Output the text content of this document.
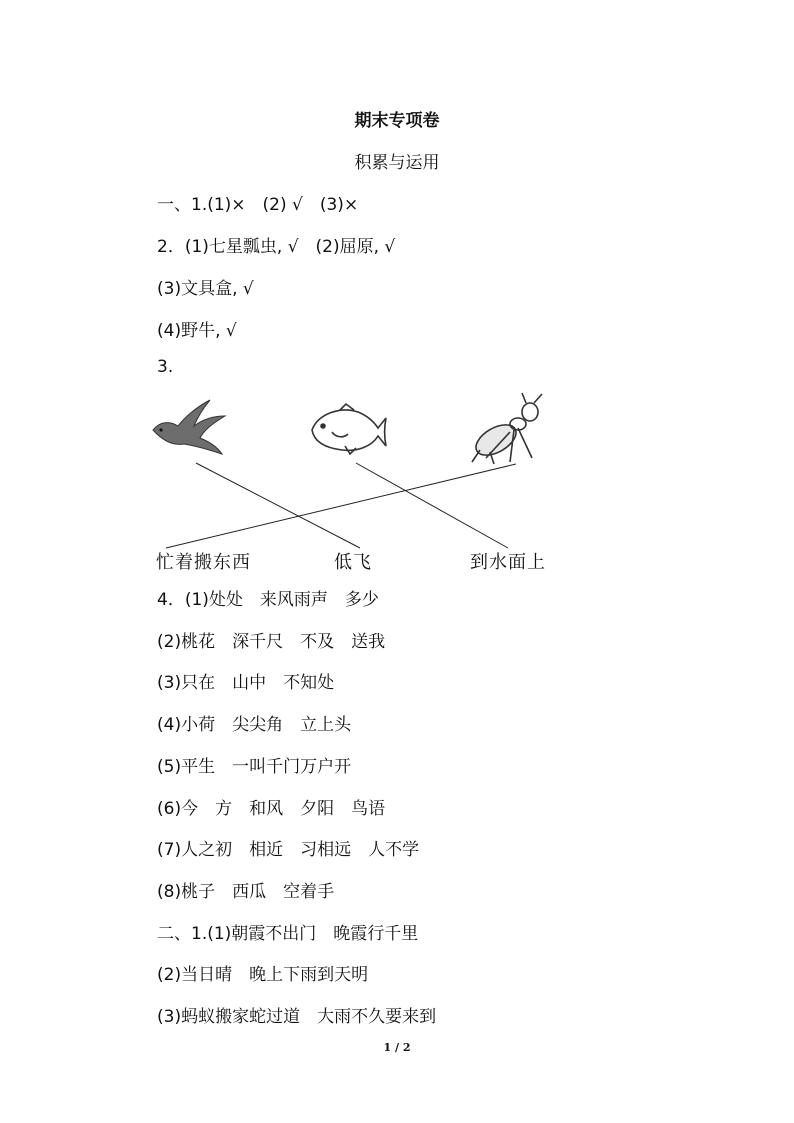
期末专项卷
积累与运用
一、1.(1)×　(2) √　(3)×
2．(1)七星瓢虫, √　(2)屈原, √
(3)文具盒, √
(4)野牛, √
3.
忙着搬东西	低飞	到水面上
4．(1)处处　来风雨声　多少
(2)桃花　深千尺　不及　送我
(3)只在　山中　不知处
(4)小荷　尖尖角　立上头
(5)平生　一叫千门万户开
(6)今　方　和风　夕阳　鸟语
(7)人之初　相近　习相远　人不学
(8)桃子　西瓜　空着手
二、1.(1)朝霞不出门　晚霞行千里
(2)当日晴　晚上下雨到天明
(3)蚂蚁搬家蛇过道　大雨不久要来到
1 / 2
